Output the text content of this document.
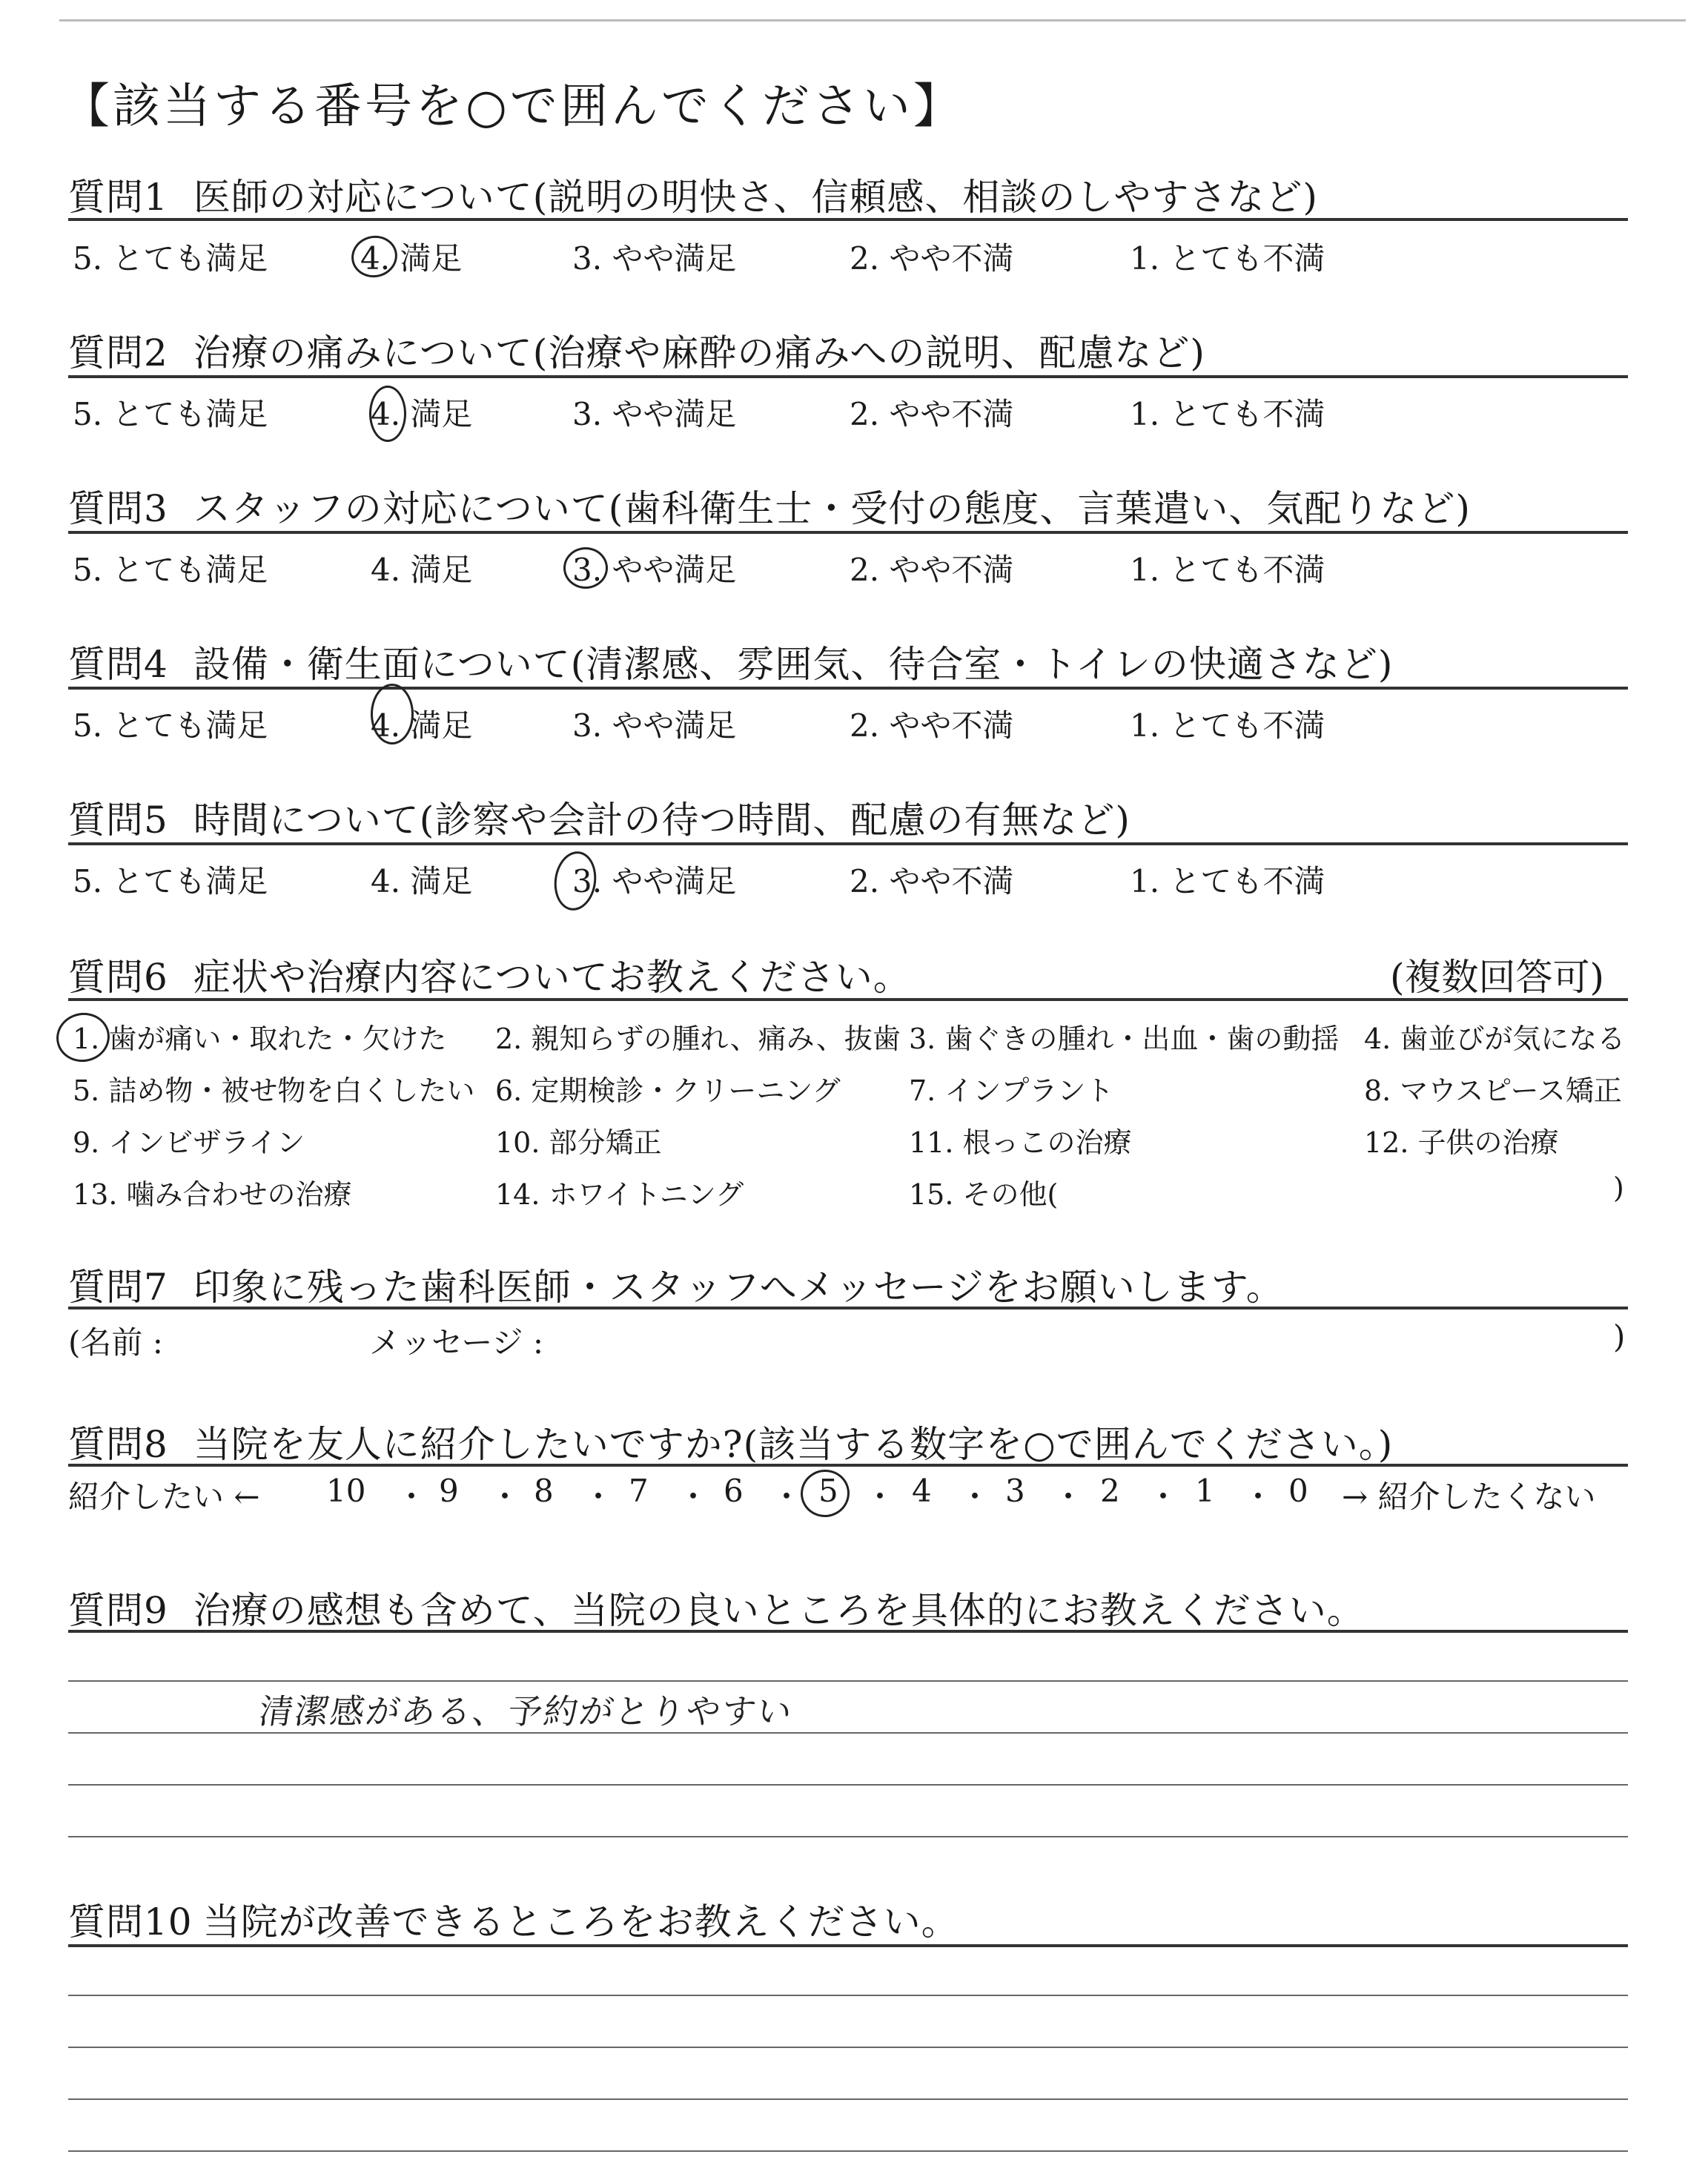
【該当する番号を○で囲んでください】
質問1 医師の対応について(説明の明快さ、信頼感、相談のしやすさなど)
5. とても満足	4. 満足	3. やや満足	2. やや不満	1. とても不満
質問2 治療の痛みについて(治療や麻酔の痛みへの説明、配慮など)
5. とても満足	4. 満足	3. やや満足	2. やや不満	1. とても不満
質問3 スタッフの対応について(歯科衛生士・受付の態度、言葉遣い、気配りなど)
5. とても満足	4. 満足	3. やや満足	2. やや不満	1. とても不満
質問4 設備・衛生面について(清潔感、雰囲気、待合室・トイレの快適さなど)
5. とても満足	4. 満足	3. やや満足	2. やや不満	1. とても不満
質問5 時間について(診察や会計の待つ時間、配慮の有無など)
5. とても満足	4. 満足	3. やや満足	2. やや不満	1. とても不満
質問6 症状や治療内容についてお教えください。	(複数回答可)
1. 歯が痛い・取れた・欠けた 2. 親知らずの腫れ、痛み、抜歯 3. 歯ぐきの腫れ・出血・歯の動揺 4. 歯並びが気になる
5. 詰め物・被せ物を白くしたい 6. 定期検診・クリーニング 7. インプラント	8. マウスピース矯正
9. インビザライン	10. 部分矯正	11. 根っこの治療	12. 子供の治療
13. 噛み合わせの治療	14. ホワイトニング	15. その他(	)
質問7 印象に残った歯科医師・スタッフへメッセージをお願いします。
(名前 :	メッセージ :	)
質問8 当院を友人に紹介したいですか?(該当する数字を○で囲んでください。)
紹介したい ← 10 ・ 9 ・ 8 ・ 7 ・ 6 ・ 5 ・ 4 ・ 3 ・ 2 ・ 1 ・ 0 → 紹介したくない
質問9 治療の感想も含めて、当院の良いところを具体的にお教えください。
清潔感がある、予約がとりやすい
質問10 当院が改善できるところをお教えください。
